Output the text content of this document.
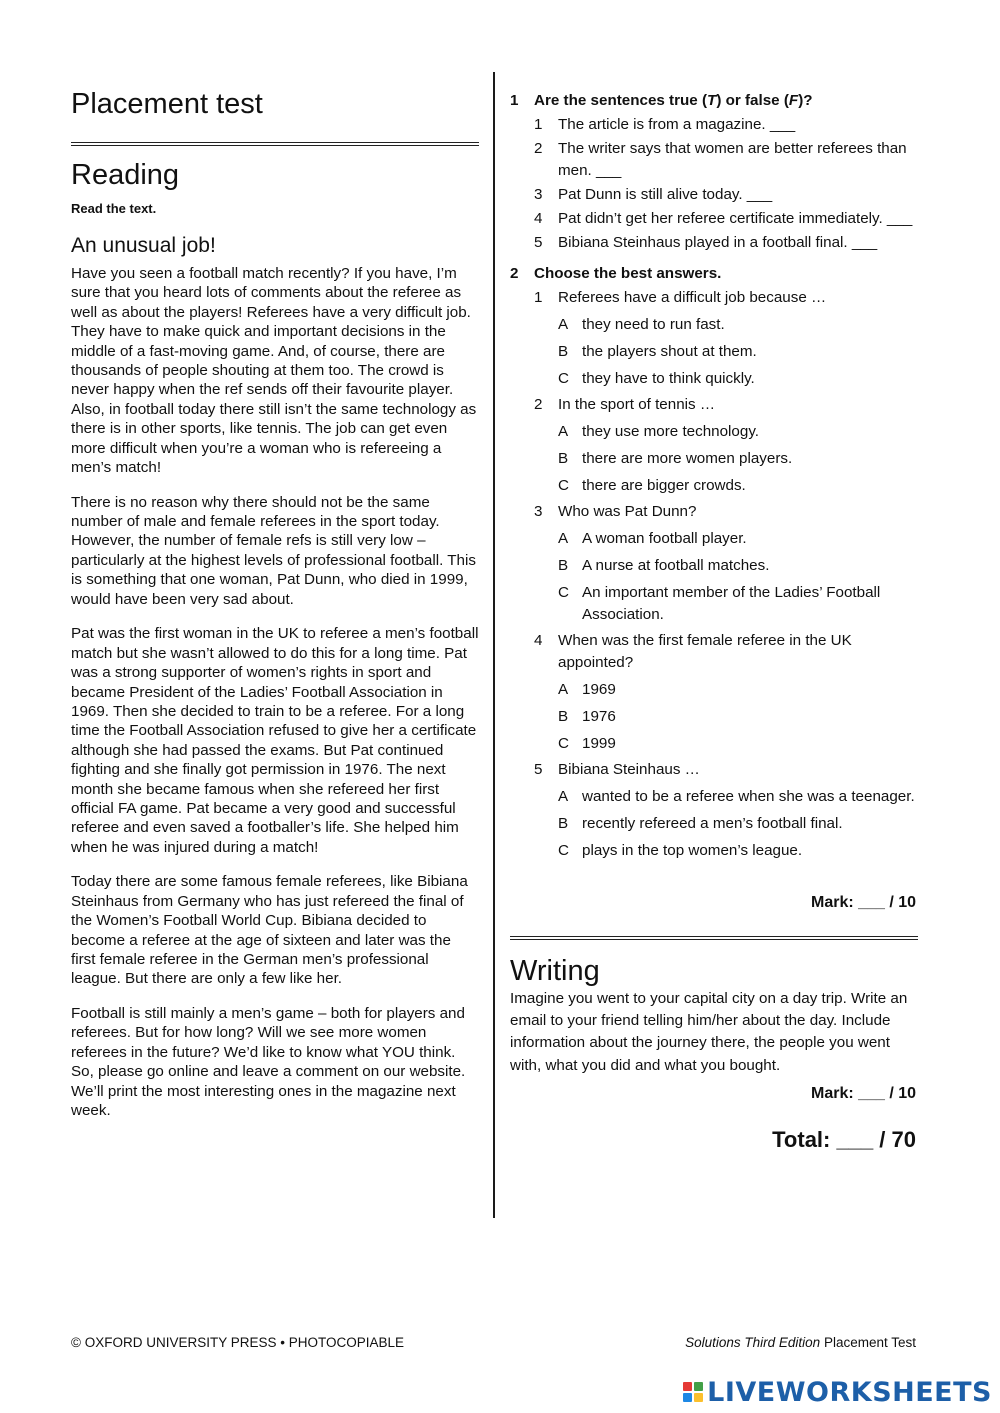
Placement test
Reading
Read the text.
An unusual job!

Have you seen a football match recently? If you have, I’m sure that you heard lots of comments about the referee as well as about the players! Referees have a very difficult job. They have to make quick and important decisions in the middle of a fast-moving game. And, of course, there are thousands of people shouting at them too. The crowd is never happy when the ref sends off their favourite player. Also, in football today there still isn’t the same technology as there is in other sports, like tennis. The job can get even more difficult when you’re a woman who is refereeing a men’s match!

There is no reason why there should not be the same number of male and female referees in the sport today. However, the number of female refs is still very low – particularly at the highest levels of professional football. This is something that one woman, Pat Dunn, who died in 1999, would have been very sad about.

Pat was the first woman in the UK to referee a men’s football match but she wasn’t allowed to do this for a long time. Pat was a strong supporter of women’s rights in sport and became President of the Ladies’ Football Association in 1969. Then she decided to train to be a referee. For a long time the Football Association refused to give her a certificate although she had passed the exams. But Pat continued fighting and she finally got permission in 1976. The next month she became famous when she refereed her first official FA game. Pat became a very good and successful referee and even saved a footballer’s life. She helped him when he was injured during a match!

Today there are some famous female referees, like Bibiana Steinhaus from Germany who has just refereed the final of the Women’s Football World Cup. Bibiana decided to become a referee at the age of sixteen and later was the first female referee in the German men’s professional league. But there are only a few like her.

Football is still mainly a men’s game – both for players and referees. But for how long? Will we see more women referees in the future? We’d like to know what YOU think. So, please go online and leave a comment on our website. We’ll print the most interesting ones in the magazine next week.

1	Are the sentences true (T) or false (F)?
1	The article is from a magazine. ___
2	The writer says that women are better referees than men. ___
3	Pat Dunn is still alive today. ___
4	Pat didn’t get her referee certificate immediately. ___
5	Bibiana Steinhaus played in a football final. ___
2	Choose the best answers.
1	Referees have a difficult job because …
A they need to run fast.
B the players shout at them.
C they have to think quickly.
2	In the sport of tennis …
A they use more technology.
B there are more women players.
C there are bigger crowds.
3	Who was Pat Dunn?
A A woman football player.
B A nurse at football matches.
C An important member of the Ladies’ Football Association.
4	When was the first female referee in the UK appointed?
A 1969
B 1976
C 1999
5	Bibiana Steinhaus …
A wanted to be a referee when she was a teenager.
B recently refereed a men’s football final.
C plays in the top women’s league.
Mark: ___ / 10
Writing
Imagine you went to your capital city on a day trip. Write an email to your friend telling him/her about the day. Include information about the journey there, the people you went with, what you did and what you bought.
Mark: ___ / 10
Total: ___ / 70
© OXFORD UNIVERSITY PRESS • PHOTOCOPIABLE	Solutions Third Edition Placement Test
LIVEWORKSHEETS
